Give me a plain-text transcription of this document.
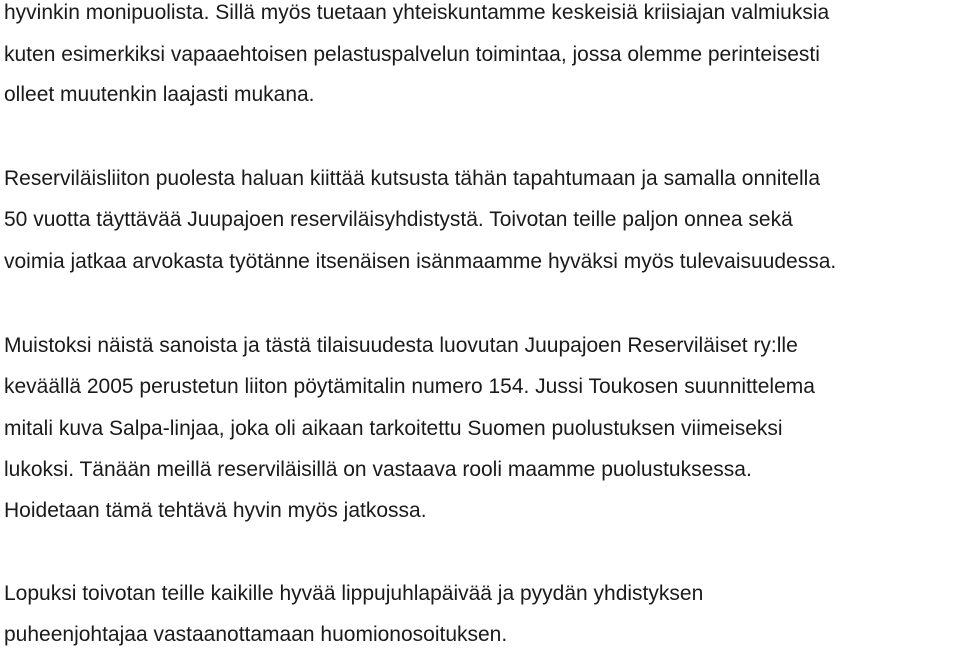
hyvinkin monipuolista. Sillä myös tuetaan yhteiskuntamme keskeisiä kriisiajan valmiuksia
kuten esimerkiksi vapaaehtoisen pelastuspalvelun toimintaa, jossa olemme perinteisesti
olleet muutenkin laajasti mukana.
Reserviläisliiton puolesta haluan kiittää kutsusta tähän tapahtumaan ja samalla onnitella
50 vuotta täyttävää Juupajoen reserviläisyhdistystä. Toivotan teille paljon onnea sekä
voimia jatkaa arvokasta työtänne itsenäisen isänmaamme hyväksi myös tulevaisuudessa.
Muistoksi näistä sanoista ja tästä tilaisuudesta luovutan Juupajoen Reserviläiset ry:lle
keväällä 2005 perustetun liiton pöytämitalin numero 154. Jussi Toukosen suunnittelema
mitali kuva Salpa-linjaa, joka oli aikaan tarkoitettu Suomen puolustuksen viimeiseksi
lukoksi. Tänään meillä reserviläisillä on vastaava rooli maamme puolustuksessa.
Hoidetaan tämä tehtävä hyvin myös jatkossa.
Lopuksi toivotan teille kaikille hyvää lippujuhlapäivää ja pyydän yhdistyksen
puheenjohtajaa vastaanottamaan huomionosoituksen.
